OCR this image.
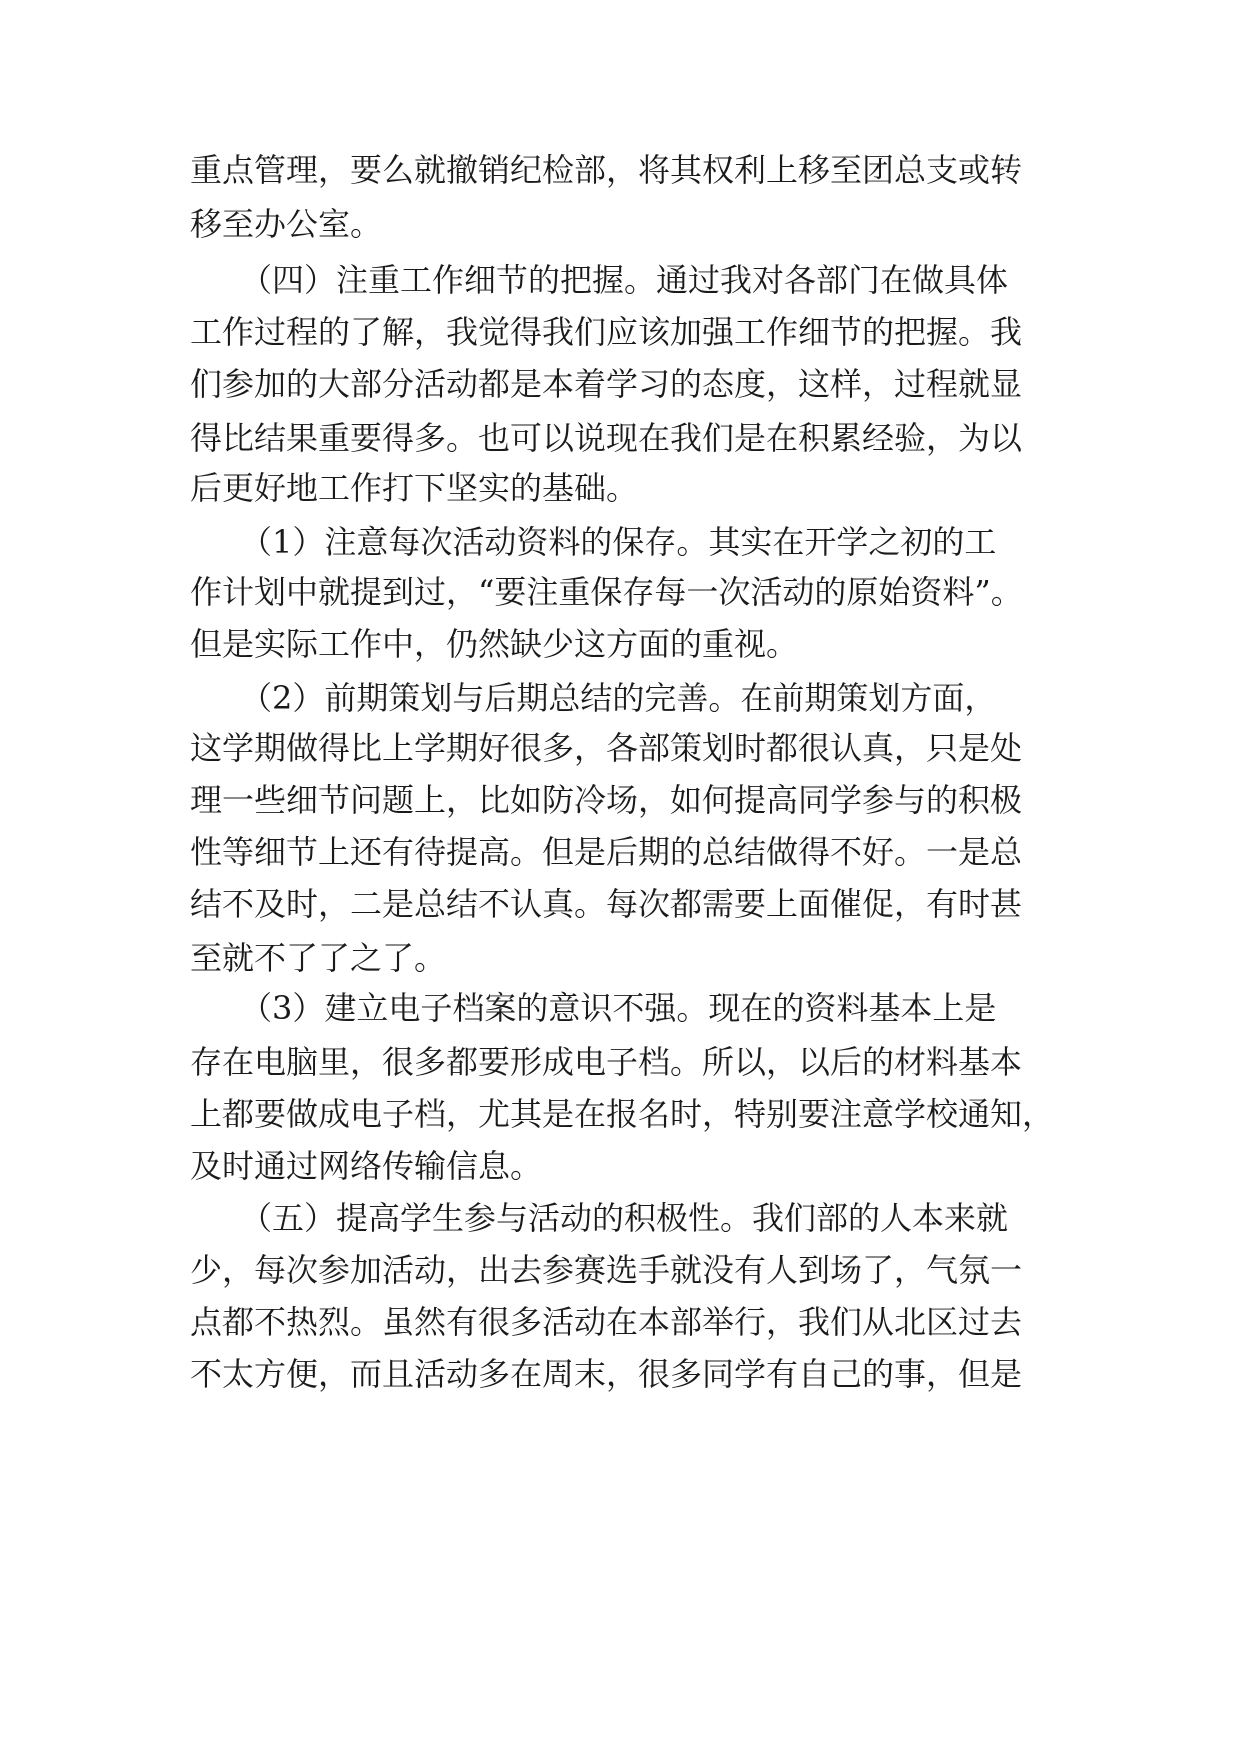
重点管理，要么就撤销纪检部，将其权利上移至团总支或转
移至办公室。
（四）注重工作细节的把握。通过我对各部门在做具体
工作过程的了解，我觉得我们应该加强工作细节的把握。我
们参加的大部分活动都是本着学习的态度，这样，过程就显
得比结果重要得多。也可以说现在我们是在积累经验，为以
后更好地工作打下坚实的基础。
（1）注意每次活动资料的保存。其实在开学之初的工
作计划中就提到过，“要注重保存每一次活动的原始资料”。
但是实际工作中，仍然缺少这方面的重视。
（2）前期策划与后期总结的完善。在前期策划方面，
这学期做得比上学期好很多，各部策划时都很认真，只是处
理一些细节问题上，比如防冷场，如何提高同学参与的积极
性等细节上还有待提高。但是后期的总结做得不好。一是总
结不及时，二是总结不认真。每次都需要上面催促，有时甚
至就不了了之了。
（3）建立电子档案的意识不强。现在的资料基本上是
存在电脑里，很多都要形成电子档。所以，以后的材料基本
上都要做成电子档，尤其是在报名时，特别要注意学校通知，
及时通过网络传输信息。
（五）提高学生参与活动的积极性。我们部的人本来就
少，每次参加活动，出去参赛选手就没有人到场了，气氛一
点都不热烈。虽然有很多活动在本部举行，我们从北区过去
不太方便，而且活动多在周末，很多同学有自己的事，但是
